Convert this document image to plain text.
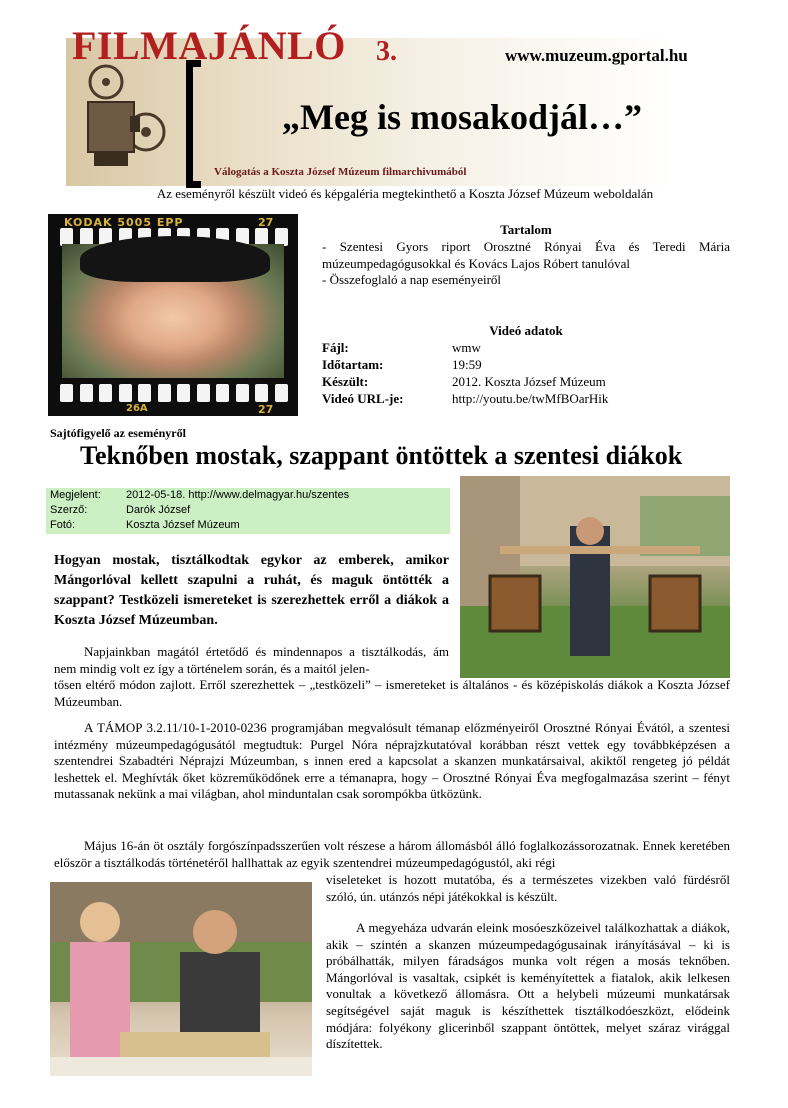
FILMAJÁNLÓ 3.	www.muzeum.gportal.hu
„Meg is mosakodjál…”
Válogatás a Koszta József Múzeum filmarchivumából
Az eseményről készült videó és képgaléria megtekinthető a Koszta József Múzeum weboldalán
KODAK 5005 EPP	27
26A	27
Tartalom
- Szentesi Gyors riport Orosztné Rónyai Éva és Teredi Mária múzeumpedagógusokkal és Kovács Lajos Róbert tanulóval
- Összefoglaló a nap eseményeiről
Videó adatok
Fájl:	wmw
Időtartam:	19:59
Készült:	2012. Koszta József Múzeum
Videó URL-je:	http://youtu.be/twMfBOarHik
Sajtófigyelő az eseményről
Teknőben mostak, szappant öntöttek a szentesi diákok
Megjelent: 2012-05-18. http://www.delmagyar.hu/szentes
Szerző:	Darók József
Fotó:	Koszta József Múzeum
Hogyan mostak, tisztálkodtak egykor az emberek, amikor Mángorlóval kellett szapulni a ruhát, és maguk öntötték a szappant? Testközeli ismereteket is szerezhettek erről a diákok a Koszta József Múzeumban.
Napjainkban magától értetődő és mindennapos a tisztálkodás, ám nem mindig volt ez így a történelem során, és a maitól jelen-
tősen eltérő módon zajlott. Erről szerezhettek – „testközeli” – ismereteket is általános - és középiskolás diákok a Koszta József Múzeumban.
A TÁMOP 3.2.11/10-1-2010-0236 programjában megvalósult témanap előzményeiről Orosztné Rónyai Évától, a szentesi intézmény múzeumpedagógusától megtudtuk: Purgel Nóra néprajzkutatóval korábban részt vettek egy továbbképzésen a szentendrei Szabadtéri Néprajzi Múzeumban, s innen ered a kapcsolat a skanzen munkatársaival, akiktől rengeteg jó példát leshettek el. Meghívták őket közreműködőnek erre a témanapra, hogy – Orosztné Rónyai Éva megfogalmazása szerint – fényt mutassanak nekünk a mai világban, ahol minduntalan csak sorompókba ütközünk.
Május 16-án öt osztály forgószínpadsszerűen volt részese a három állomásból álló foglalkozássorozatnak. Ennek keretében először a tisztálkodás történetéről hallhattak az egyik szentendrei múzeumpedagógustól, aki régi
viseleteket is hozott mutatóba, és a természetes vizekben való fürdésről szóló, ún. utánzós népi játékokkal is készült.
A megyeháza udvarán eleink mosóeszközeivel találkozhattak a diákok, akik – szintén a skanzen múzeumpedagógusainak irányításával – ki is próbálhatták, milyen fáradságos munka volt régen a mosás teknőben. Mángorlóval is vasaltak, csipkét is keményítettek a fiatalok, akik lelkesen vonultak a következő állomásra. Ott a helybeli múzeumi munkatársak segítségével saját maguk is készíthettek tisztálkodóeszközt, elődeink módjára: folyékony glicerinből szappant öntöttek, melyet száraz virággal díszítettek.
